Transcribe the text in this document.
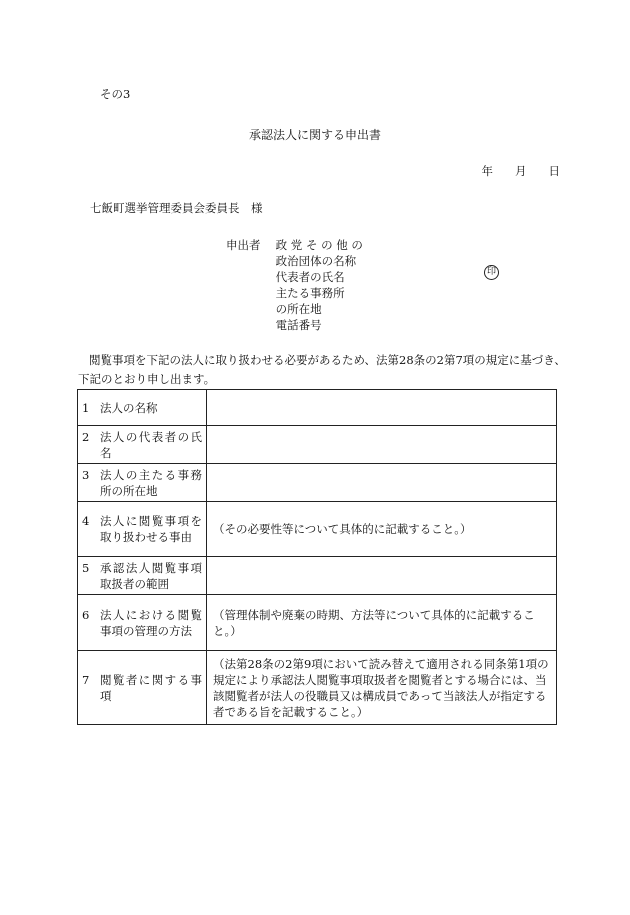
その3
承認法人に関する申出書
年 月 日
七飯町選挙管理委員会委員長　様
申出者 政 党 そ の 他 の
政治団体の名称
代表者の氏名
主たる事務所
の所在地
電話番号
印
閲覧事項を下記の法人に取り扱わせる必要があるため、法第28条の2第7項の規定に基づき、
下記のとおり申し出ます。
1 法人の名称	

2 法人の代表者の氏名	

3 法人の主たる事務所の所在地	

4 法人に閲覧事項を取り扱わせる事由	（その必要性等について具体的に記載すること。）

5 承認法人閲覧事項取扱者の範囲	

6 法人における閲覧事項の管理の方法	（管理体制や廃棄の時期、方法等について具体的に記載すること。）

7 閲覧者に関する事項	（法第28条の2第9項において読み替えて適用される同条第1項の規定により承認法人閲覧事項取扱者を閲覧者とする場合には、当該閲覧者が法人の役職員又は構成員であって当該法人が指定する者である旨を記載すること。）
